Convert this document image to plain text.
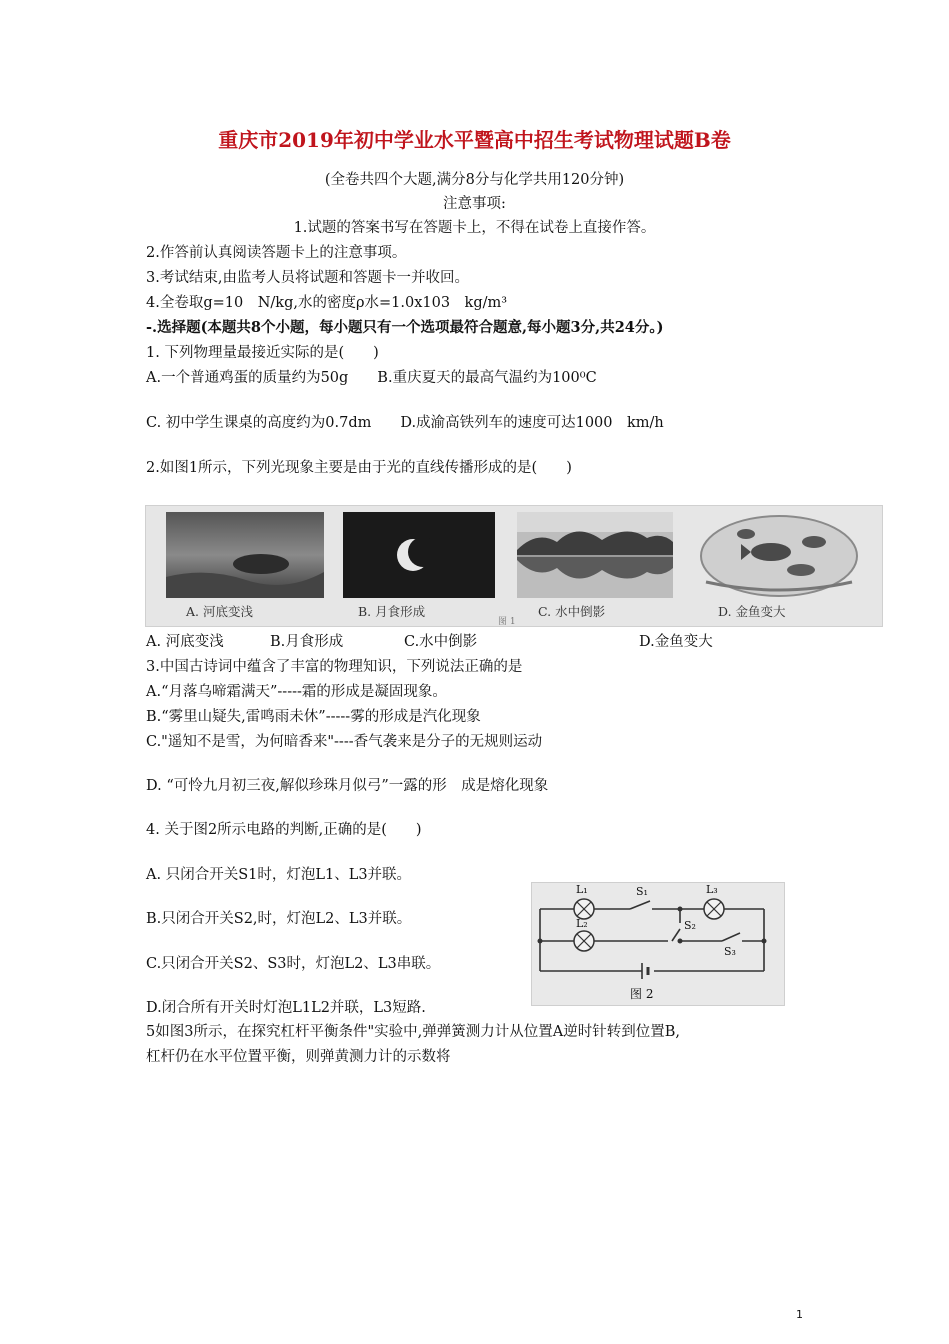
重庆市2019年初中学业水平暨高中招生考试物理试题B卷
(全卷共四个大题,满分8分与化学共用120分钟)
注意事项:
1.试题的答案书写在答题卡上，不得在试卷上直接作答。
2.作答前认真阅读答题卡上的注意事项。
3.考试结束,由监考人员将试题和答题卡一并收回。
4.全卷取g=10　N/kg,水的密度ρ水=1.0x103　kg/m³
-.选择题(本题共8个小题，每小题只有一个选项最符合题意,每小题3分,共24分。)
1. 下列物理量最接近实际的是(　　)
A.一个普通鸡蛋的质量约为50g　　B.重庆夏天的最高气温约为100⁰C
C. 初中学生课桌的高度约为0.7dm　　D.成渝高铁列车的速度可达1000　km/h
2.如图1所示，下列光现象主要是由于光的直线传播形成的是(　　)
A. 河底变浅	B. 月食形成	C. 水中倒影	D. 金鱼变大
图 1
A. 河底变浅	B.月食形成	C.水中倒影	D.金鱼变大
3.中国古诗词中蕴含了丰富的物理知识，下列说法正确的是
A.“月落乌啼霜满天”-----霜的形成是凝固现象。
B.“雾里山疑失,雷鸣雨未休”-----雾的形成是汽化现象
C."遥知不是雪，为何暗香来"----香气袭来是分子的无规则运动
D. “可怜九月初三夜,解似珍珠月似弓”一露的形　成是熔化现象
4. 关于图2所示电路的判断,正确的是(　　)
A. 只闭合开关S1时，灯泡L1、L3并联。
B.只闭合开关S2,时，灯泡L2、L3并联。
C.只闭合开关S2、S3时，灯泡L2、L3串联。
D.闭合所有开关时灯泡L1L2并联，L3短路.
L₁	S₁	L₃
L₂	S₂
S₃
图 2
5如图3所示，在探究杠杆平衡条件"实验中,弹弹簧测力计从位置A逆时针转到位置B,
杠杆仍在水平位置平衡，则弹黄测力计的示数将
1
